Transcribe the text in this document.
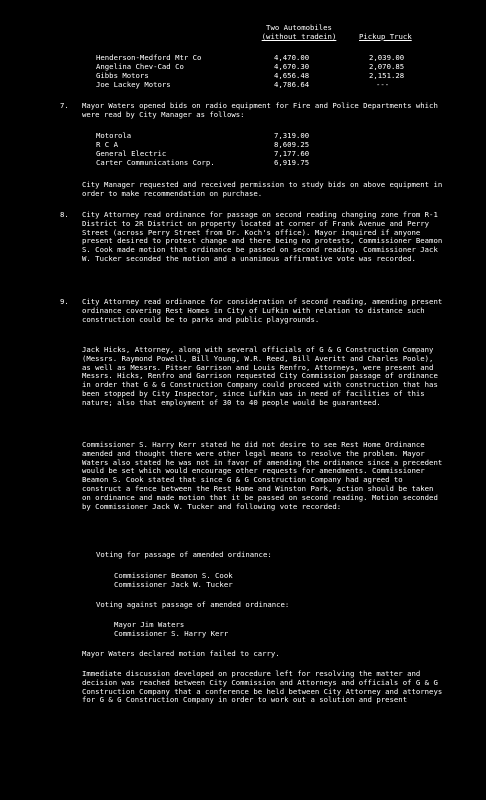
Two Automobiles
(without tradein)	Pickup Truck
Henderson-Medford Mtr Co	4,470.00	2,039.00
Angelina Chev-Cad Co	4,670.30	2,070.85
Gibbs Motors	4,656.48	2,151.28
Joe Lackey Motors	4,786.64	---
7. Mayor Waters opened bids on radio equipment for Fire and Police Departments which were read by City Manager as follows:
Motorola	7,319.00
R C A	8,609.25
General Electric	7,177.60
Carter Communications Corp.	6,919.75
City Manager requested and received permission to study bids on above equipment in order to make recommendation on purchase.
8. City Attorney read ordinance for passage on second reading changing zone from R-1 District to 2R District on property located at corner of Frank Avenue and Perry Street (across Perry Street from Dr. Koch's office). Mayor inquired if anyone present desired to protest change and there being no protests, Commissioner Beamon S. Cook made motion that ordinance be passed on second reading. Commissioner Jack W. Tucker seconded the motion and a unanimous affirmative vote was recorded.
9. City Attorney read ordinance for consideration of second reading, amending present ordinance covering Rest Homes in City of Lufkin with relation to distance such construction could be to parks and public playgrounds.
Jack Hicks, Attorney, along with several officials of G & G Construction Company (Messrs. Raymond Powell, Bill Young, W.R. Reed, Bill Averitt and Charles Poole), as well as Messrs. Pitser Garrison and Louis Renfro, Attorneys, were present and Messrs. Hicks, Renfro and Garrison requested City Commission passage of ordinance in order that G & G Construction Company could proceed with construction that has been stopped by City Inspector, since Lufkin was in need of facilities of this nature; also that employment of 30 to 40 people would be guaranteed.
Commissioner S. Harry Kerr stated he did not desire to see Rest Home Ordinance amended and thought there were other legal means to resolve the problem. Mayor Waters also stated he was not in favor of amending the ordinance since a precedent would be set which would encourage other requests for amendments. Commissioner Beamon S. Cook stated that since G & G Construction Company had agreed to construct a fence between the Rest Home and Winston Park, action should be taken on ordinance and made motion that it be passed on second reading. Motion seconded by Commissioner Jack W. Tucker and following vote recorded:
Voting for passage of amended ordinance:
Commissioner Beamon S. Cook
Commissioner Jack W. Tucker
Voting against passage of amended ordinance:
Mayor Jim Waters
Commissioner S. Harry Kerr
Mayor Waters declared motion failed to carry.
Immediate discussion developed on procedure left for resolving the matter and decision was reached between City Commission and Attorneys and officials of G & G Construction Company that a conference be held between City Attorney and attorneys for G & G Construction Company in order to work out a solution and present
